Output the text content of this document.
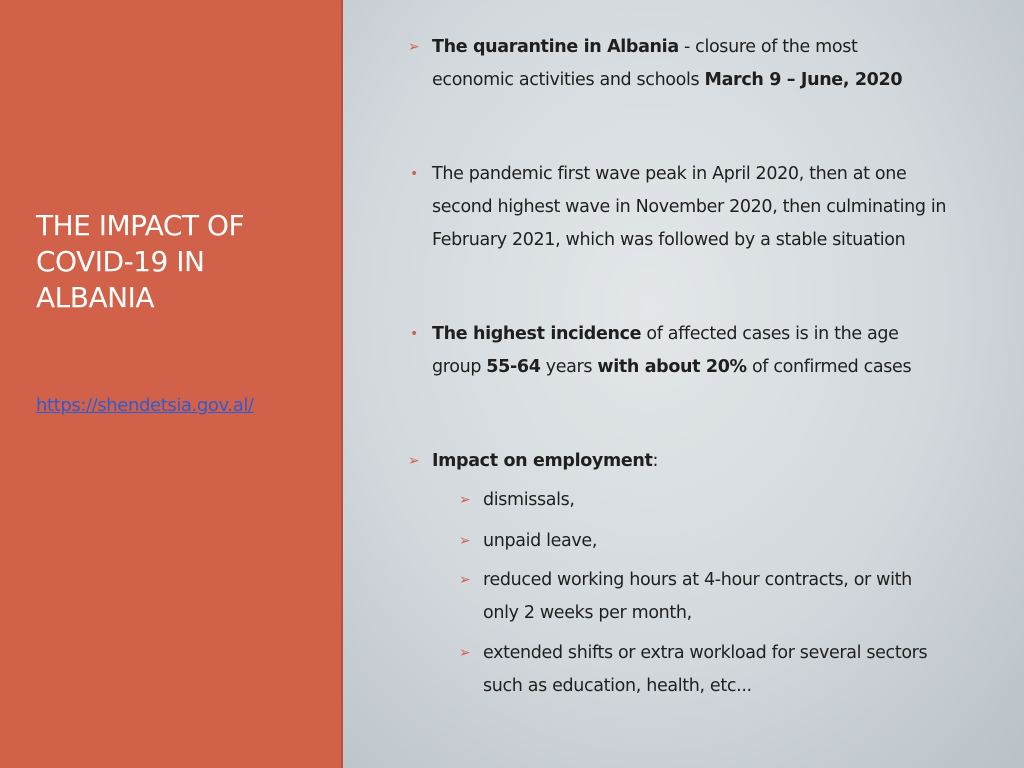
THE IMPACT OF
COVID-19 IN
ALBANIA
https://shendetsia.gov.al/
➢ The quarantine in Albania - closure of the most
economic activities and schools March 9 – June, 2020
• The pandemic first wave peak in April 2020, then at one
second highest wave in November 2020, then culminating in
February 2021, which was followed by a stable situation
• The highest incidence of affected cases is in the age
group 55-64 years with about 20% of confirmed cases
➢ Impact on employment:
➢ dismissals,
➢ unpaid leave,
➢ reduced working hours at 4-hour contracts, or with
only 2 weeks per month,
➢ extended shifts or extra workload for several sectors
such as education, health, etc...
